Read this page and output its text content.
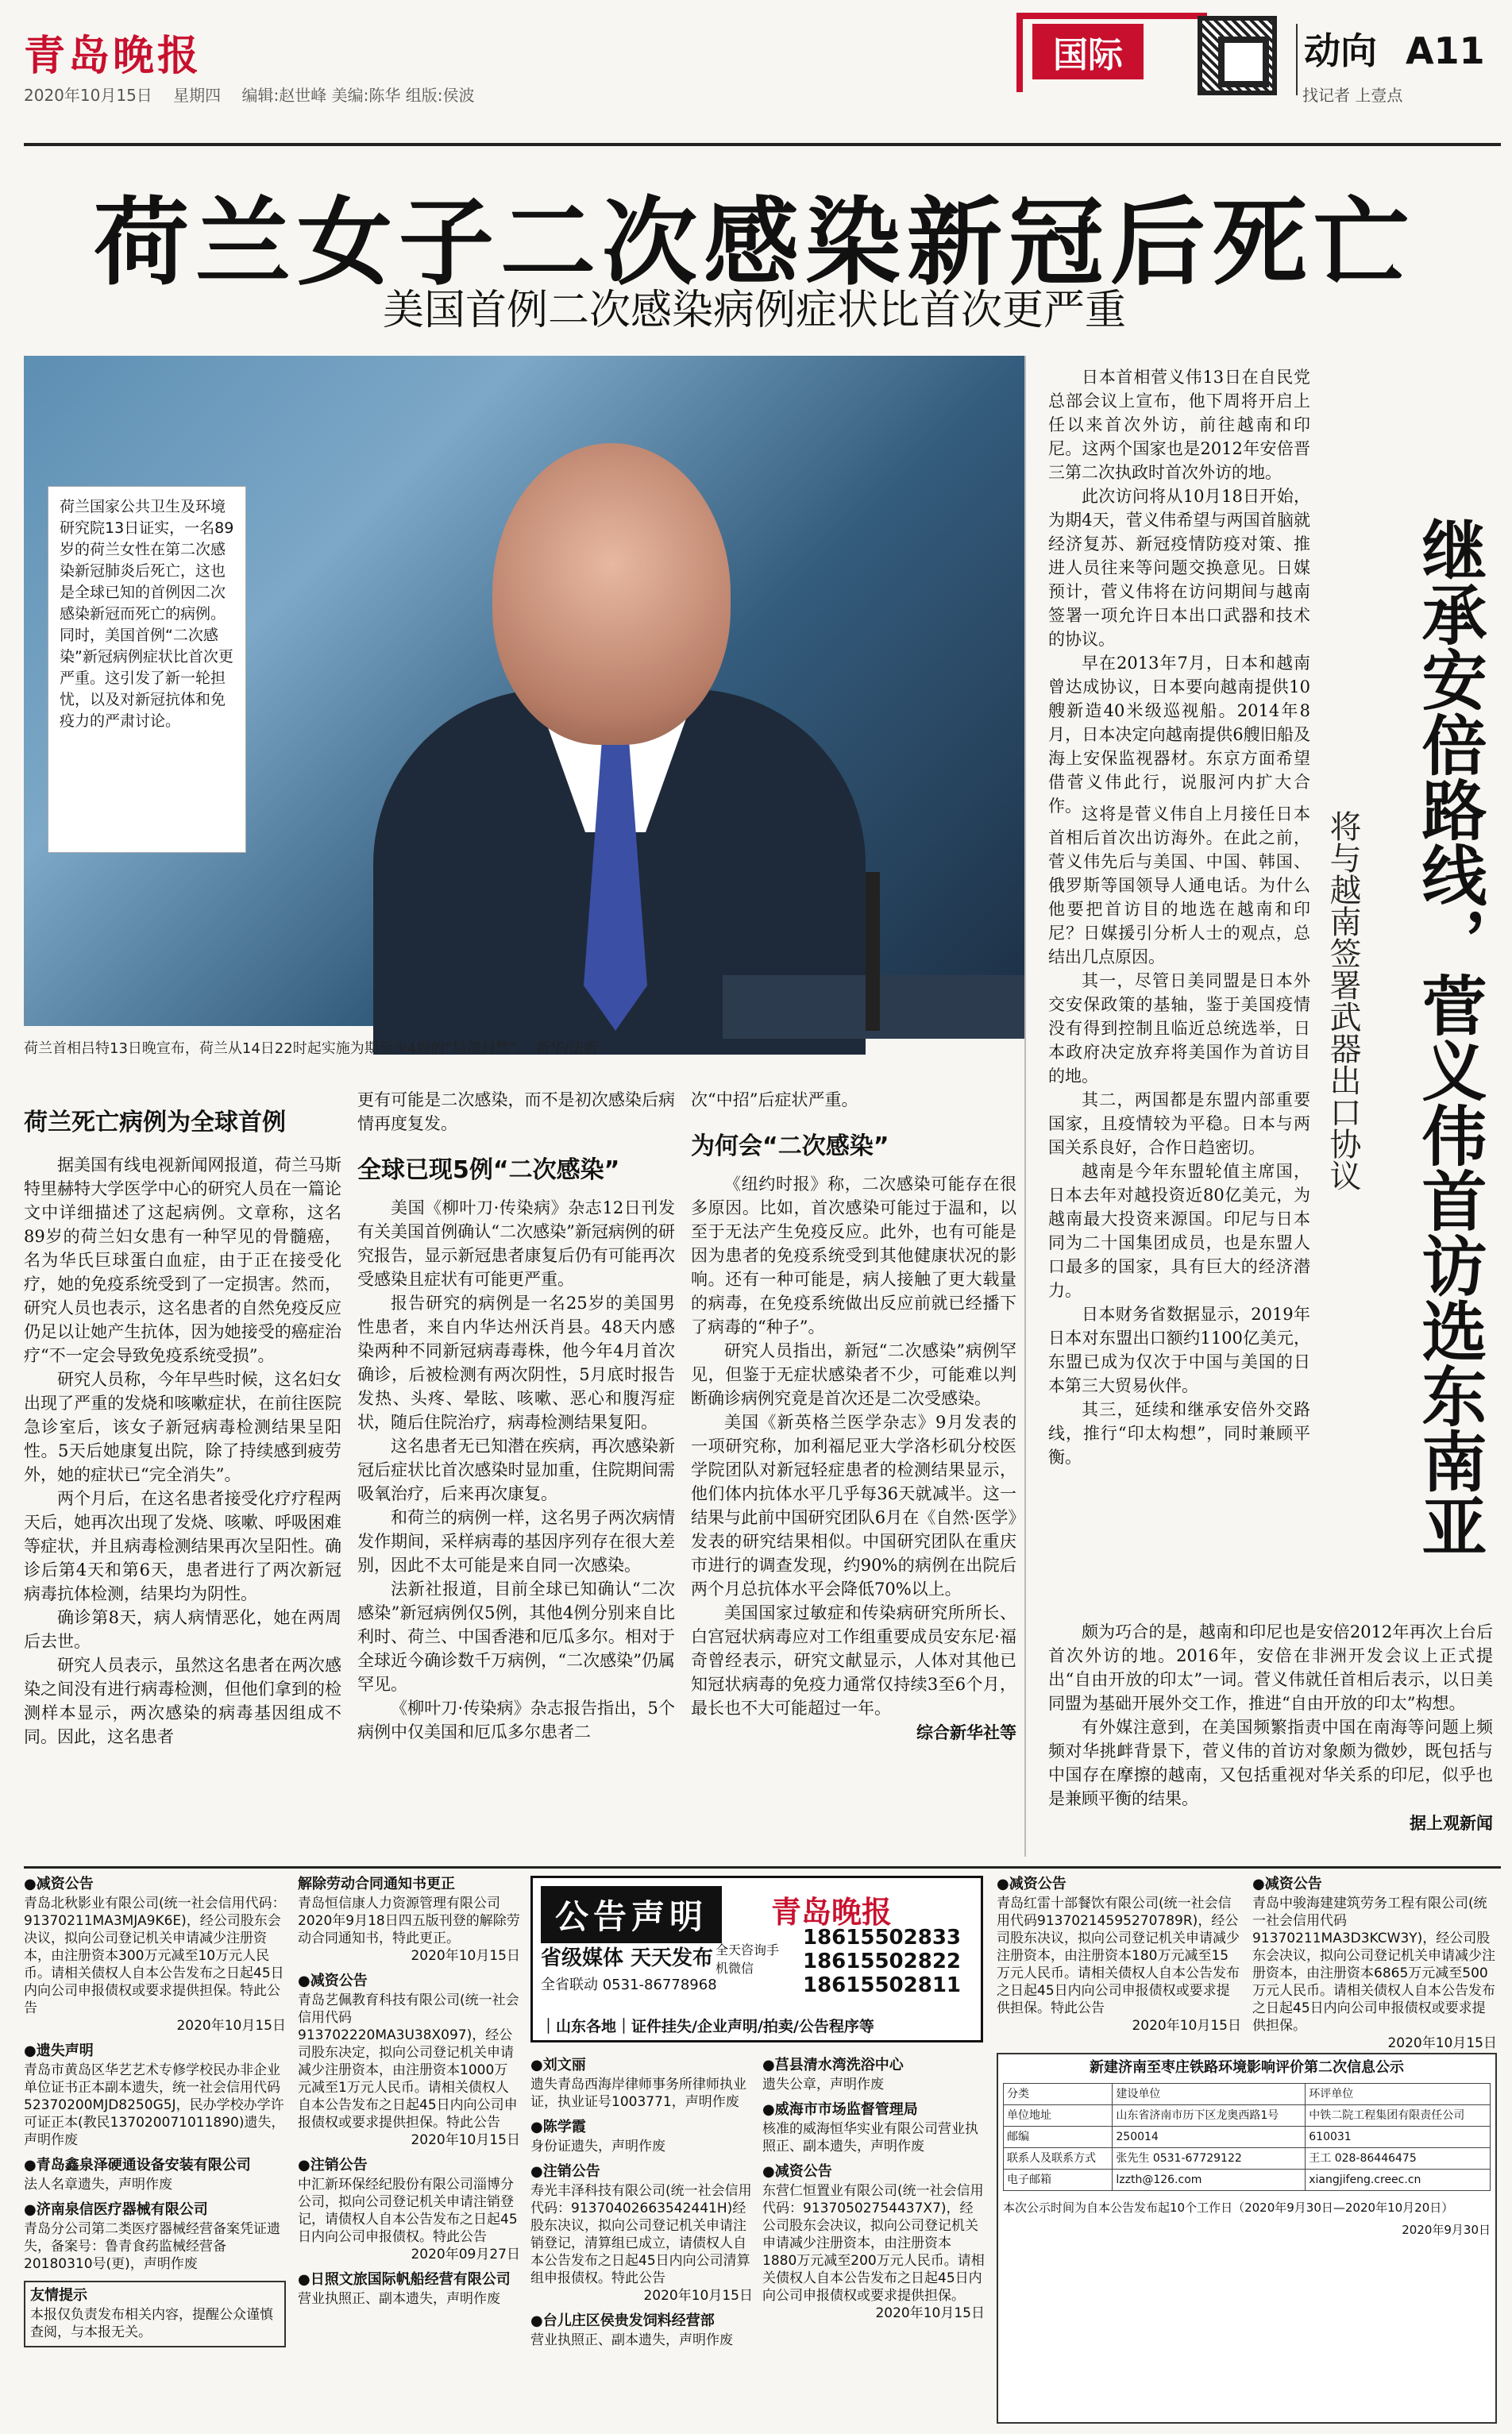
青岛晚报
2020年10月15日 星期四 编辑:赵世峰 美编:陈华 组版:侯波
国际	动向 A11
找记者 上壹点
荷兰女子二次感染新冠后死亡
美国首例二次感染病例症状比首次更严重
荷兰国家公共卫生及环境研究院13日证实，一名89岁的荷兰女性在第二次感染新冠肺炎后死亡，这也是全球已知的首例因二次感染新冠而死亡的病例。同时，美国首例“二次感染”新冠病例症状比首次更严重。这引发了新一轮担忧，以及对新冠抗体和免疫力的严肃讨论。
荷兰首相吕特13日晚宣布，荷兰从14日22时起实施为期至少4周的“局部封禁”。 新华/法新
荷兰死亡病例为全球首例

据美国有线电视新闻网报道，荷兰马斯特里赫特大学医学中心的研究人员在一篇论文中详细描述了这起病例。文章称，这名89岁的荷兰妇女患有一种罕见的骨髓癌，名为华氏巨球蛋白血症，由于正在接受化疗，她的免疫系统受到了一定损害。然而，研究人员也表示，这名患者的自然免疫反应仍足以让她产生抗体，因为她接受的癌症治疗“不一定会导致免疫系统受损”。

研究人员称，今年早些时候，这名妇女出现了严重的发烧和咳嗽症状，在前往医院急诊室后，该女子新冠病毒检测结果呈阳性。5天后她康复出院，除了持续感到疲劳外，她的症状已“完全消失”。

两个月后，在这名患者接受化疗疗程两天后，她再次出现了发烧、咳嗽、呼吸困难等症状，并且病毒检测结果再次呈阳性。确诊后第4天和第6天，患者进行了两次新冠病毒抗体检测，结果均为阴性。

确诊第8天，病人病情恶化，她在两周后去世。

研究人员表示，虽然这名患者在两次感染之间没有进行病毒检测，但他们拿到的检测样本显示，两次感染的病毒基因组成不同。因此，这名患者

更有可能是二次感染，而不是初次感染后病情再度复发。

全球已现5例“二次感染”

美国《柳叶刀·传染病》杂志12日刊发有关美国首例确认“二次感染”新冠病例的研究报告，显示新冠患者康复后仍有可能再次受感染且症状有可能更严重。

报告研究的病例是一名25岁的美国男性患者，来自内华达州沃肖县。48天内感染两种不同新冠病毒毒株，他今年4月首次确诊，后被检测有两次阴性，5月底时报告发热、头疼、晕眩、咳嗽、恶心和腹泻症状，随后住院治疗，病毒检测结果复阳。

这名患者无已知潜在疾病，再次感染新冠后症状比首次感染时显加重，住院期间需吸氧治疗，后来再次康复。

和荷兰的病例一样，这名男子两次病情发作期间，采样病毒的基因序列存在很大差别，因此不太可能是来自同一次感染。

法新社报道，目前全球已知确认“二次感染”新冠病例仅5例，其他4例分别来自比利时、荷兰、中国香港和厄瓜多尔。相对于全球近今确诊数千万病例，“二次感染”仍属罕见。

《柳叶刀·传染病》杂志报告指出，5个病例中仅美国和厄瓜多尔患者二

次“中招”后症状严重。

为何会“二次感染”

《纽约时报》称，二次感染可能存在很多原因。比如，首次感染可能过于温和，以至于无法产生免疫反应。此外，也有可能是因为患者的免疫系统受到其他健康状况的影响。还有一种可能是，病人接触了更大载量的病毒，在免疫系统做出反应前就已经播下了病毒的“种子”。

研究人员指出，新冠“二次感染”病例罕见，但鉴于无症状感染者不少，可能难以判断确诊病例究竟是首次还是二次受感染。

美国《新英格兰医学杂志》9月发表的一项研究称，加利福尼亚大学洛杉矶分校医学院团队对新冠轻症患者的检测结果显示，他们体内抗体水平几乎每36天就减半。这一结果与此前中国研究团队6月在《自然·医学》发表的研究结果相似。中国研究团队在重庆市进行的调查发现，约90%的病例在出院后两个月总抗体水平会降低70%以上。

美国国家过敏症和传染病研究所所长、白宫冠状病毒应对工作组重要成员安东尼·福奇曾经表示，研究文献显示，人体对其他已知冠状病毒的免疫力通常仅持续3至6个月，最长也不大可能超过一年。

综合新华社等

日本首相菅义伟13日在自民党总部会议上宣布，他下周将开启上任以来首次外访，前往越南和印尼。这两个国家也是2012年安倍晋三第二次执政时首次外访的地。

此次访问将从10月18日开始，为期4天，菅义伟希望与两国首脑就经济复苏、新冠疫情防疫对策、推进人员往来等问题交换意见。日媒预计，菅义伟将在访问期间与越南签署一项允许日本出口武器和技术的协议。

早在2013年7月，日本和越南曾达成协议，日本要向越南提供10艘新造40米级巡视船。2014年8月，日本决定向越南提供6艘旧船及海上安保监视器材。东京方面希望借菅义伟此行，说服河内扩大合作。	继承安倍路线，菅义伟首访选东南亚
将与越南签署武器出口协议

这将是菅义伟自上月接任日本首相后首次出访海外。在此之前，菅义伟先后与美国、中国、韩国、俄罗斯等国领导人通电话。为什么他要把首访目的地选在越南和印尼？日媒援引分析人士的观点，总结出几点原因。

其一，尽管日美同盟是日本外交安保政策的基轴，鉴于美国疫情没有得到控制且临近总统选举，日本政府决定放弃将美国作为首访目的地。

其二，两国都是东盟内部重要国家，且疫情较为平稳。日本与两国关系良好，合作日趋密切。

越南是今年东盟轮值主席国，日本去年对越投资近80亿美元，为越南最大投资来源国。印尼与日本同为二十国集团成员，也是东盟人口最多的国家，具有巨大的经济潜力。

日本财务省数据显示，2019年日本对东盟出口额约1100亿美元，东盟已成为仅次于中国与美国的日本第三大贸易伙伴。

其三，延续和继承安倍外交路线，推行“印太构想”，同时兼顾平衡。

颇为巧合的是，越南和印尼也是安倍2012年再次上台后首次外访的地。2016年，安倍在非洲开发会议上正式提出“自由开放的印太”一词。菅义伟就任首相后表示，以日美同盟为基础开展外交工作，推进“自由开放的印太”构想。

有外媒注意到，在美国频繁指责中国在南海等问题上频频对华挑衅背景下，菅义伟的首访对象颇为微妙，既包括与中国存在摩擦的越南，又包括重视对华关系的印尼，似乎也是兼顾平衡的结果。

据上观新闻
●减资公告
青岛北秋影业有限公司(统一社会信用代码：91370211MA3MJA9K6E)，经公司股东会决议，拟向公司登记机关申请减少注册资本，由注册资本300万元减至10万元人民币。请相关债权人自本公告发布之日起45日内向公司申报债权或要求提供担保。特此公告
2020年10月15日
●遗失声明
青岛市黄岛区华艺艺术专修学校民办非企业单位证书正本副本遗失，统一社会信用代码52370200MJD8250G5J，民办学校办学许可证正本(教民137020071011890)遗失，声明作废
●青岛鑫泉泽硬通设备安装有限公司
法人名章遗失，声明作废
●济南泉信医疗器械有限公司
青岛分公司第二类医疗器械经营备案凭证遗失，备案号：鲁青食药监械经营备20180310号(更)，声明作废
友情提示
本报仅负责发布相关内容，提醒公众谨慎查阅，与本报无关。
解除劳动合同通知书更正
青岛恒信康人力资源管理有限公司2020年9月18日四五版刊登的解除劳动合同通知书，特此更正。
2020年10月15日
●减资公告
青岛艺佩教育科技有限公司(统一社会信用代码913702220MA3U38X097)，经公司股东决定，拟向公司登记机关申请减少注册资本，由注册资本1000万元减至1万元人民币。请相关债权人自本公告发布之日起45日内向公司申报债权或要求提供担保。特此公告
2020年10月15日
●注销公告
中汇新环保经纪股份有限公司淄博分公司，拟向公司登记机关申请注销登记，请债权人自本公告发布之日起45日内向公司申报债权。特此公告
2020年09月27日
●日照文旅国际帆船经营有限公司
营业执照正、副本遗失，声明作废
公告声明	青岛晚报
省级媒体 天天发布
全省联动 0531-86778968
全天咨询手机微信
18615502833
18615502822
18615502811
｜山东各地｜证件挂失/企业声明/拍卖/公告程序等
●刘文丽
遗失青岛西海岸律师事务所律师执业证，执业证号1003771，声明作废
●陈学霞
身份证遗失，声明作废
●注销公告
寿光丰泽科技有限公司(统一社会信用代码：91370402663542441H)经股东决议，拟向公司登记机关申请注销登记，清算组已成立，请债权人自本公告发布之日起45日内向公司清算组申报债权。特此公告
2020年10月15日
●台儿庄区侯贵发饲料经营部
营业执照正、副本遗失，声明作废
●莒县清水湾洗浴中心
遗失公章，声明作废
●威海市市场监督管理局
核准的威海恒华实业有限公司营业执照正、副本遗失，声明作废
●减资公告
东营仁恒置业有限公司(统一社会信用代码：91370502754437X7)，经公司股东会决议，拟向公司登记机关申请减少注册资本，由注册资本1880万元减至200万元人民币。请相关债权人自本公告发布之日起45日内向公司申报债权或要求提供担保。
2020年10月15日
●减资公告
青岛红雷十部餐饮有限公司(统一社会信用代码91370214595270789R)，经公司股东决议，拟向公司登记机关申请减少注册资本，由注册资本180万元减至15万元人民币。请相关债权人自本公告发布之日起45日内向公司申报债权或要求提供担保。特此公告
2020年10月15日
●减资公告
青岛中骏海建建筑劳务工程有限公司(统一社会信用代码91370211MA3D3KCW3Y)，经公司股东会决议，拟向公司登记机关申请减少注册资本，由注册资本6865万元减至500万元人民币。请相关债权人自本公告发布之日起45日内向公司申报债权或要求提供担保。
2020年10月15日
新建济南至枣庄铁路环境影响评价第二次信息公示
分类	建设单位	环评单位
单位地址	山东省济南市历下区龙奥西路1号	中铁二院工程集团有限责任公司
邮编	250014	610031
联系人及联系方式	张先生 0531-67729122	王工 028-86446475
电子邮箱	lzzth@126.com	xiangjifeng.creec.cn
本次公示时间为自本公告发布起10个工作日（2020年9月30日—2020年10月20日）
2020年9月30日
